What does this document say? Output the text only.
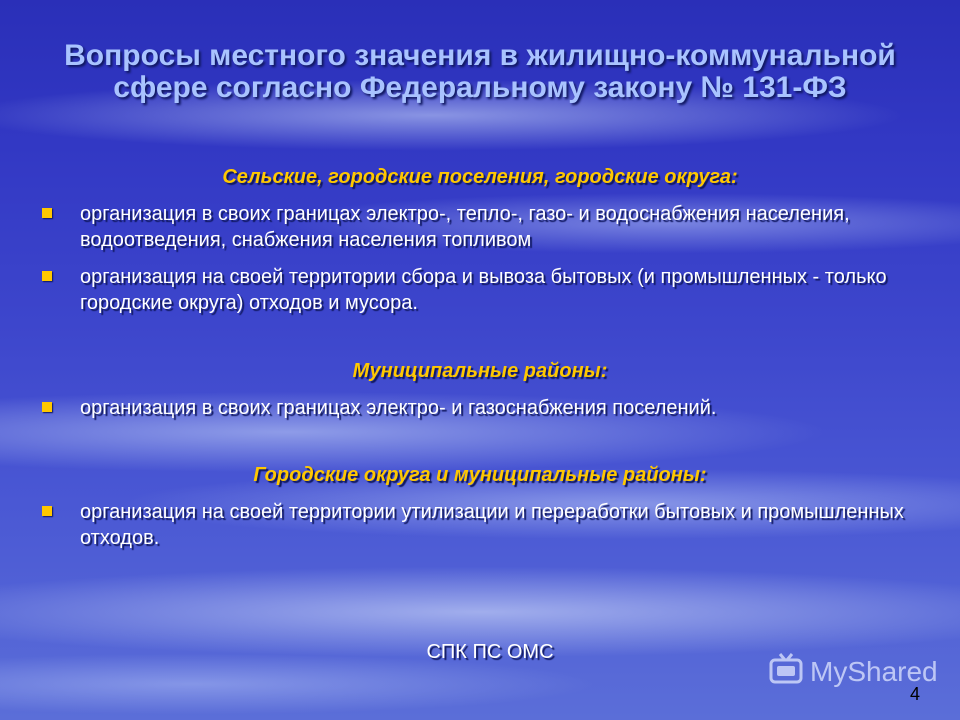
Вопросы местного значения в жилищно-коммунальной сфере согласно Федеральному закону № 131-ФЗ
Сельские, городские поселения, городские округа:
организация в своих границах электро-, тепло-, газо- и водоснабжения населения, водоотведения, снабжения населения топливом
организация на своей территории сбора и вывоза бытовых (и промышленных - только городские округа) отходов и мусора.
Муниципальные районы:
организация в своих границах электро- и газоснабжения поселений.
Городские округа и муниципальные районы:
организация на своей территории утилизации и переработки бытовых и промышленных отходов.
СПК ПС ОМС
MyShared
4
